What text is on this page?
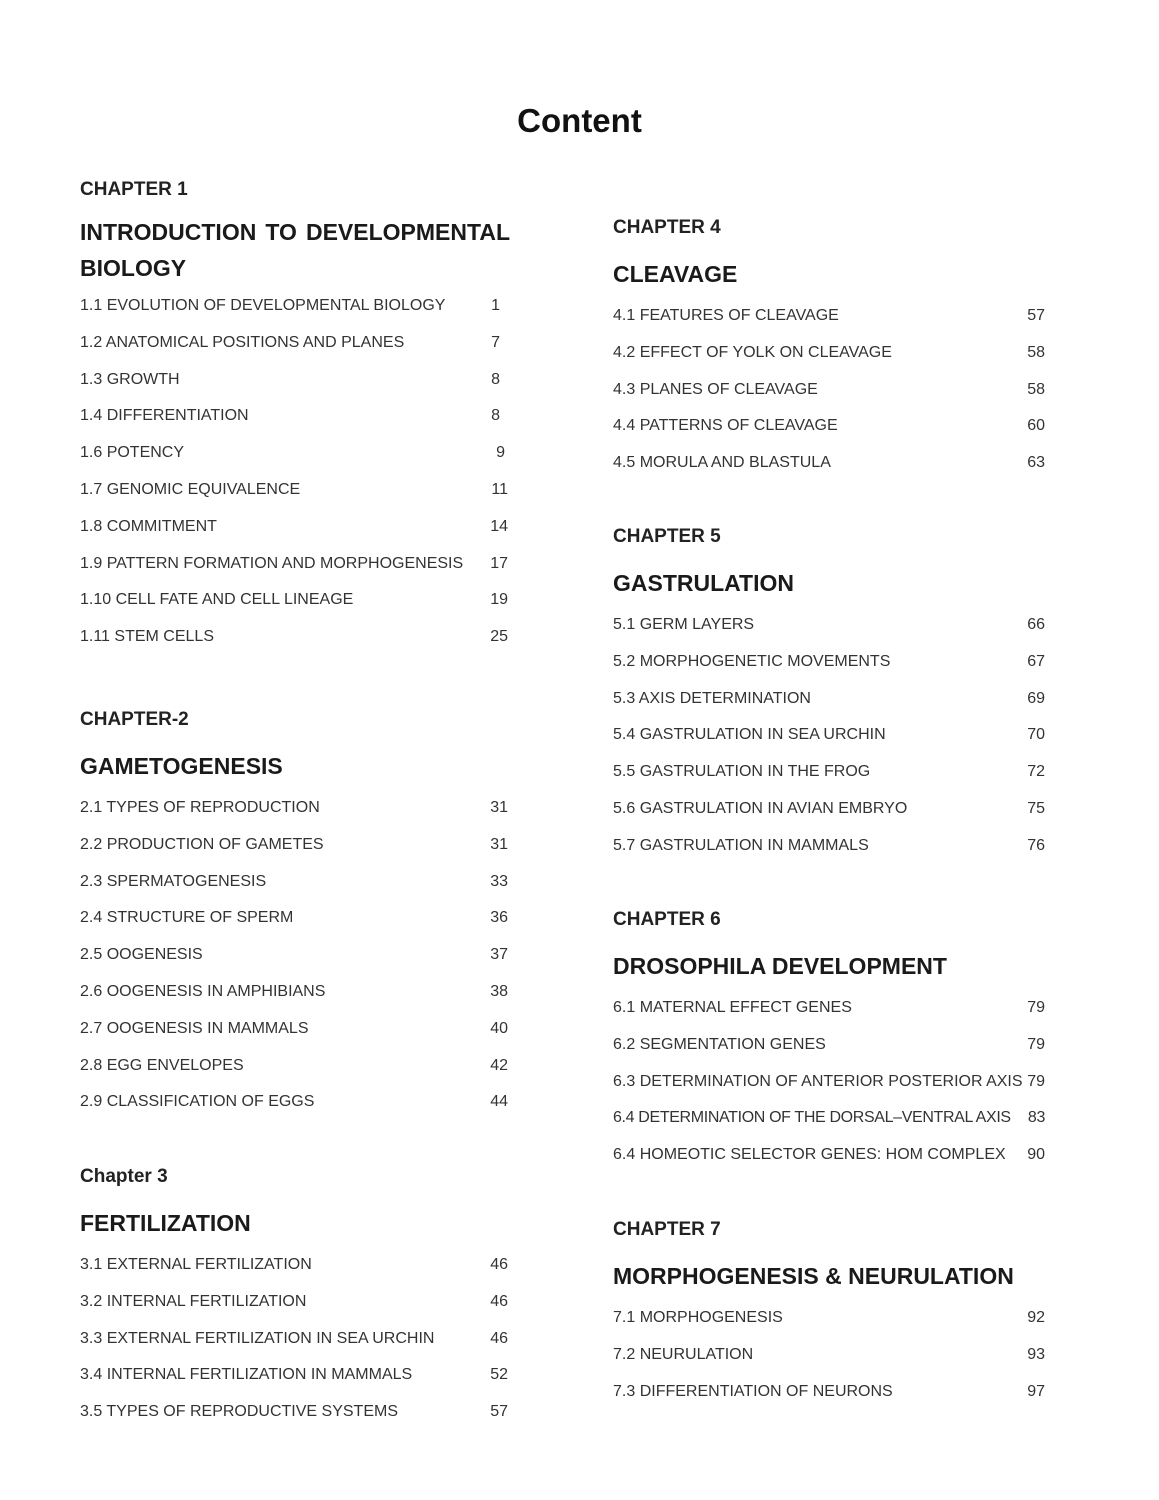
Content
CHAPTER 1
INTRODUCTION TO DEVELOPMENTAL BIOLOGY
1.1 EVOLUTION OF DEVELOPMENTAL BIOLOGY	1
1.2 ANATOMICAL POSITIONS AND PLANES	7
1.3 GROWTH	8
1.4 DIFFERENTIATION	8
1.6 POTENCY	9
1.7 GENOMIC EQUIVALENCE	11
1.8 COMMITMENT	14
1.9 PATTERN FORMATION AND MORPHOGENESIS 17
1.10 CELL FATE AND CELL LINEAGE	19
1.11 STEM CELLS	25
CHAPTER-2
GAMETOGENESIS
2.1 TYPES OF REPRODUCTION	31
2.2 PRODUCTION OF GAMETES	31
2.3 SPERMATOGENESIS	33
2.4 STRUCTURE OF SPERM	36
2.5 OOGENESIS	37
2.6 OOGENESIS IN AMPHIBIANS	38
2.7 OOGENESIS IN MAMMALS	40
2.8 EGG ENVELOPES	42
2.9 CLASSIFICATION OF EGGS	44
Chapter 3
FERTILIZATION
3.1 EXTERNAL FERTILIZATION	46
3.2 INTERNAL FERTILIZATION	46
3.3 EXTERNAL FERTILIZATION IN SEA URCHIN	46
3.4 INTERNAL FERTILIZATION IN MAMMALS	52
3.5 TYPES OF REPRODUCTIVE SYSTEMS	57
CHAPTER 4
CLEAVAGE
4.1 FEATURES OF CLEAVAGE	57
4.2 EFFECT OF YOLK ON CLEAVAGE	58
4.3 PLANES OF CLEAVAGE	58
4.4 PATTERNS OF CLEAVAGE	60
4.5 MORULA AND BLASTULA	63
CHAPTER 5
GASTRULATION
5.1 GERM LAYERS	66
5.2 MORPHOGENETIC MOVEMENTS	67
5.3 AXIS DETERMINATION	69
5.4 GASTRULATION IN SEA URCHIN	70
5.5 GASTRULATION IN THE FROG	72
5.6 GASTRULATION IN AVIAN EMBRYO	75
5.7 GASTRULATION IN MAMMALS	76
CHAPTER 6
DROSOPHILA DEVELOPMENT
6.1 MATERNAL EFFECT GENES	79
6.2 SEGMENTATION GENES	79
6.3 DETERMINATION OF ANTERIOR POSTERIOR AXIS 79
6.4 DETERMINATION OF THE DORSAL–VENTRAL AXIS 83
6.4 HOMEOTIC SELECTOR GENES: HOM COMPLEX 90
CHAPTER 7
MORPHOGENESIS & NEURULATION
7.1 MORPHOGENESIS	92
7.2 NEURULATION	93
7.3 DIFFERENTIATION OF NEURONS	97
